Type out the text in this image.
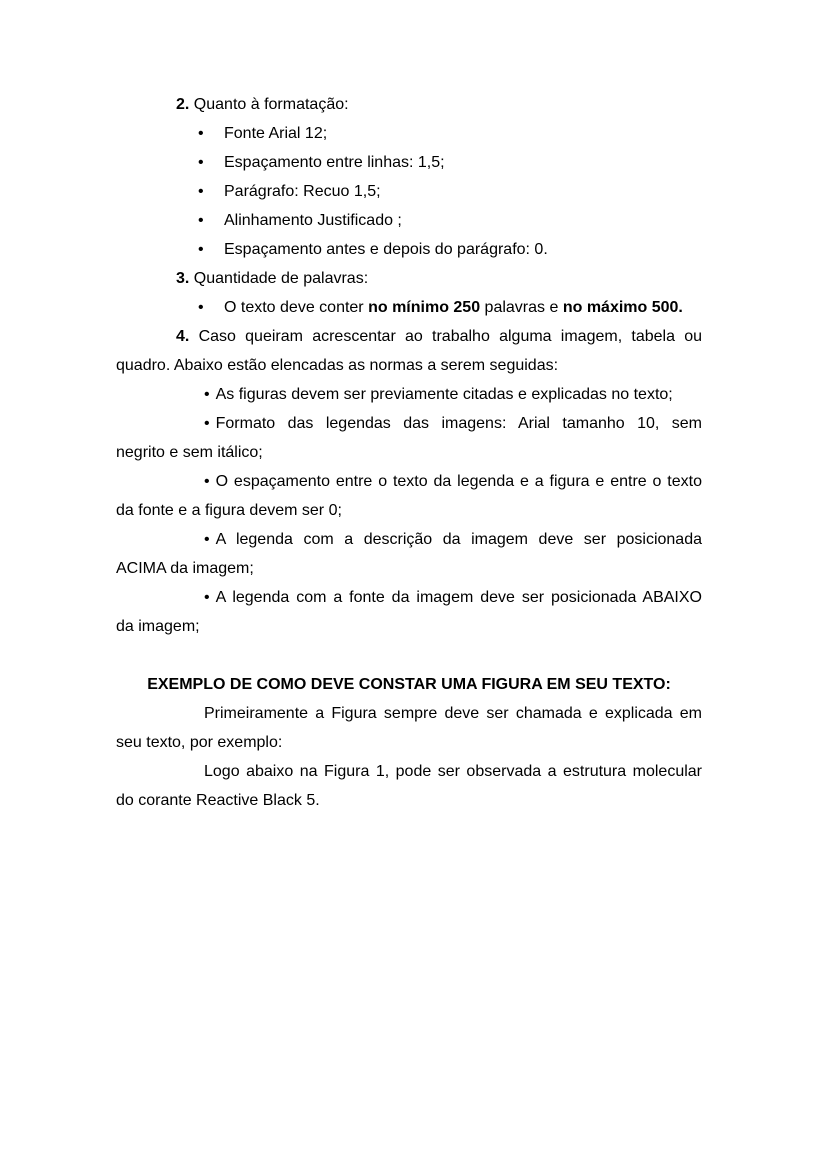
2. Quanto à formatação:

• Fonte Arial 12;

• Espaçamento entre linhas: 1,5;

• Parágrafo: Recuo 1,5;

• Alinhamento Justificado ;

• Espaçamento antes e depois do parágrafo: 0.

3. Quantidade de palavras:

• O texto deve conter no mínimo 250 palavras e no máximo 500.

4. Caso queiram acrescentar ao trabalho alguma imagem, tabela ou
quadro. Abaixo estão elencadas as normas a serem seguidas:

• As figuras devem ser previamente citadas e explicadas no texto;

• Formato das legendas das imagens: Arial tamanho 10, sem
negrito e sem itálico;

• O espaçamento entre o texto da legenda e a figura e entre o texto
da fonte e a figura devem ser 0;

• A legenda com a descrição da imagem deve ser posicionada
ACIMA da imagem;

• A legenda com a fonte da imagem deve ser posicionada ABAIXO
da imagem;

EXEMPLO DE COMO DEVE CONSTAR UMA FIGURA EM SEU TEXTO:

Primeiramente a Figura sempre deve ser chamada e explicada em
seu texto, por exemplo:

Logo abaixo na Figura 1, pode ser observada a estrutura molecular
do corante Reactive Black 5.
